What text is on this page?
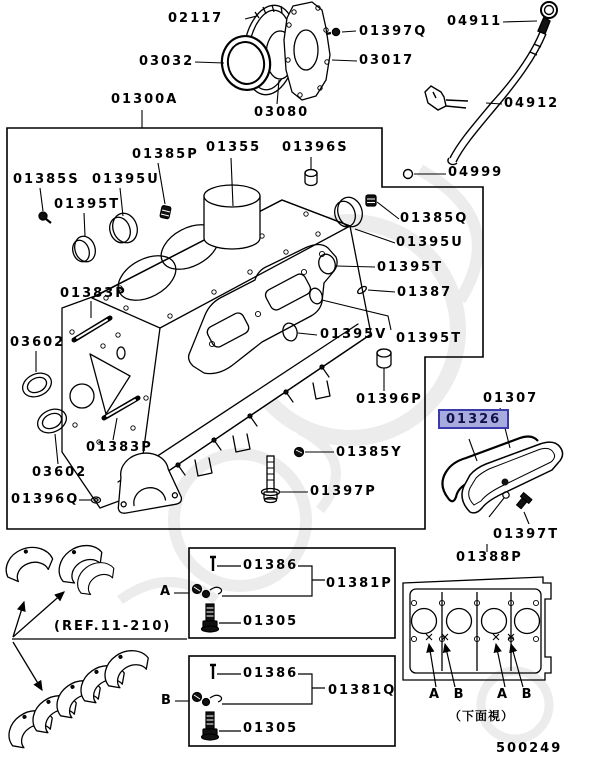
02117
01397Q
03032	03017
03080
01300A
04911
04912
04999
01385P 01355 01396S
01385S 01395U
01395T
01385Q
01395U
01395T
01387
01383P
03602
01395V 01395T
01396P
01383P
03602
01396Q
01385Y
01397P
01307
01326
01397T
01388P
A
01386
01381P
01305
(REF.11-210)
B
01386
01381Q
01305
A B A B
（下面視）
500249
